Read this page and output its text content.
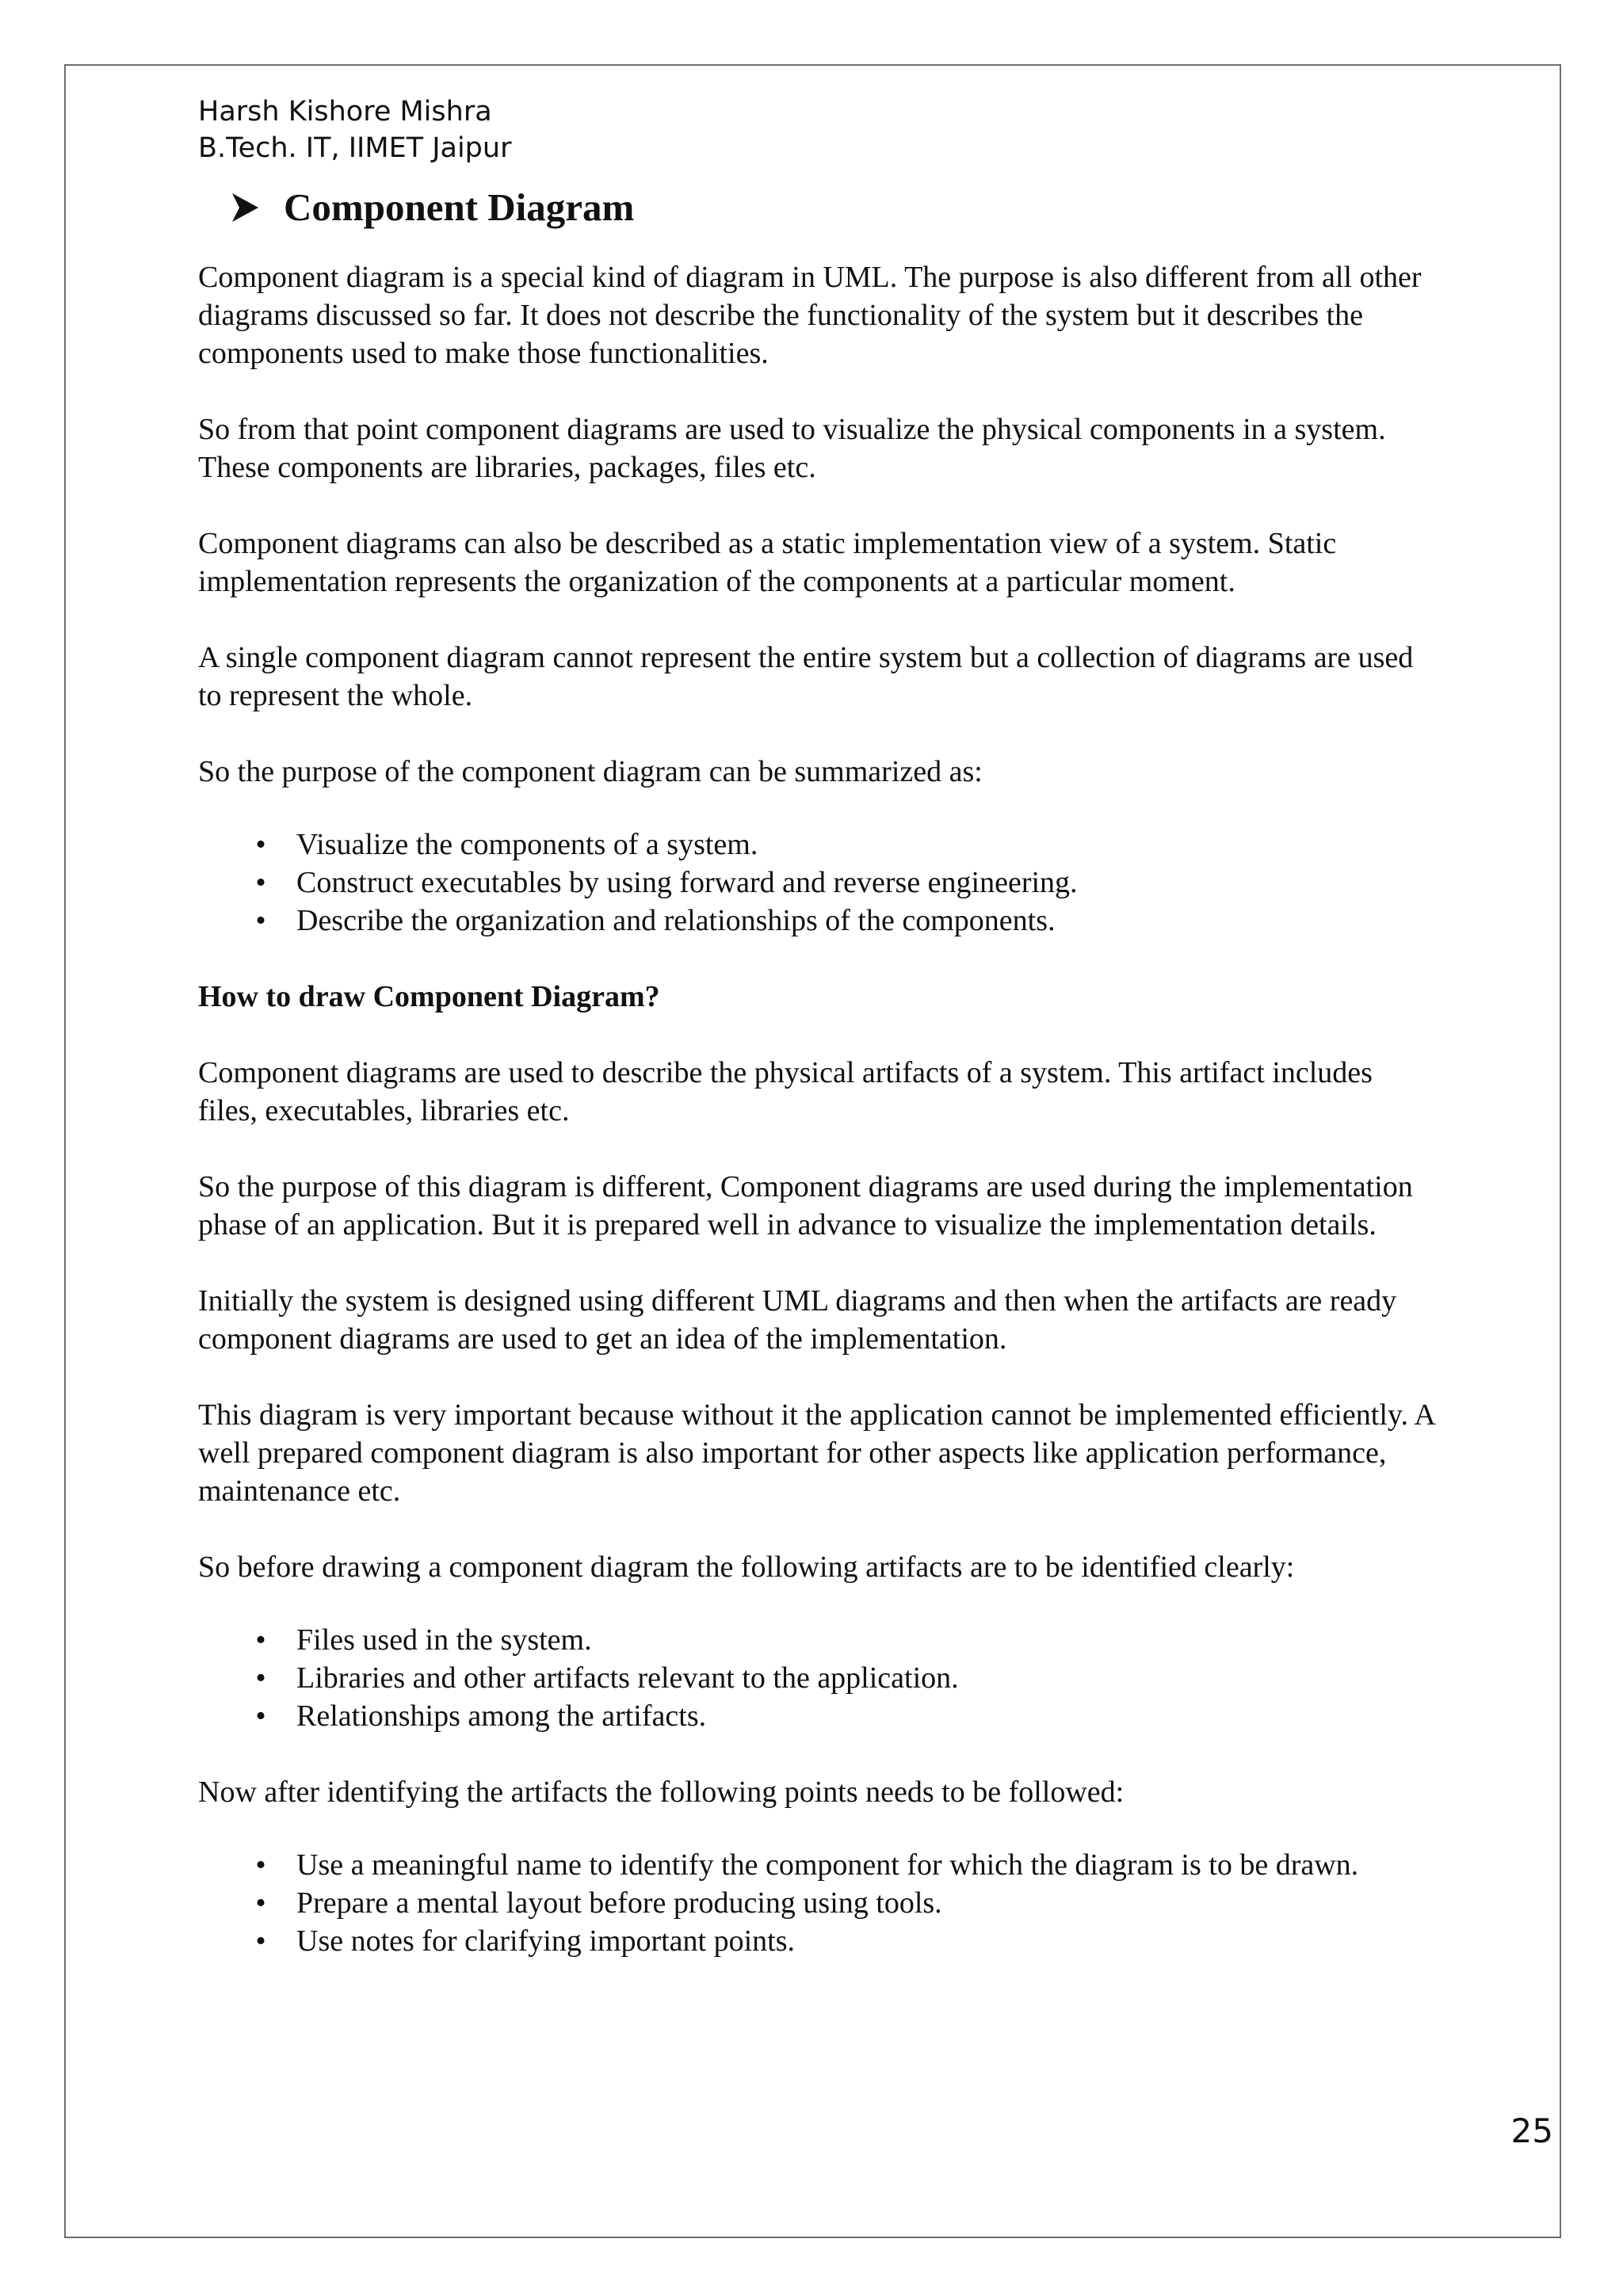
Harsh Kishore Mishra
B.Tech. IT, IIMET Jaipur
Component Diagram

Component diagram is a special kind of diagram in UML. The purpose is also different from all other diagrams discussed so far. It does not describe the functionality of the system but it describes the components used to make those functionalities.

So from that point component diagrams are used to visualize the physical components in a system. These components are libraries, packages, files etc.

Component diagrams can also be described as a static implementation view of a system. Static implementation represents the organization of the components at a particular moment.

A single component diagram cannot represent the entire system but a collection of diagrams are used to represent the whole.

So the purpose of the component diagram can be summarized as:

• Visualize the components of a system.
• Construct executables by using forward and reverse engineering.
• Describe the organization and relationships of the components.

How to draw Component Diagram?

Component diagrams are used to describe the physical artifacts of a system. This artifact includes files, executables, libraries etc.

So the purpose of this diagram is different, Component diagrams are used during the implementation phase of an application. But it is prepared well in advance to visualize the implementation details.

Initially the system is designed using different UML diagrams and then when the artifacts are ready component diagrams are used to get an idea of the implementation.

This diagram is very important because without it the application cannot be implemented efficiently. A well prepared component diagram is also important for other aspects like application performance, maintenance etc.

So before drawing a component diagram the following artifacts are to be identified clearly:

• Files used in the system.
• Libraries and other artifacts relevant to the application.
• Relationships among the artifacts.

Now after identifying the artifacts the following points needs to be followed:

• Use a meaningful name to identify the component for which the diagram is to be drawn.
• Prepare a mental layout before producing using tools.
• Use notes for clarifying important points.
25
